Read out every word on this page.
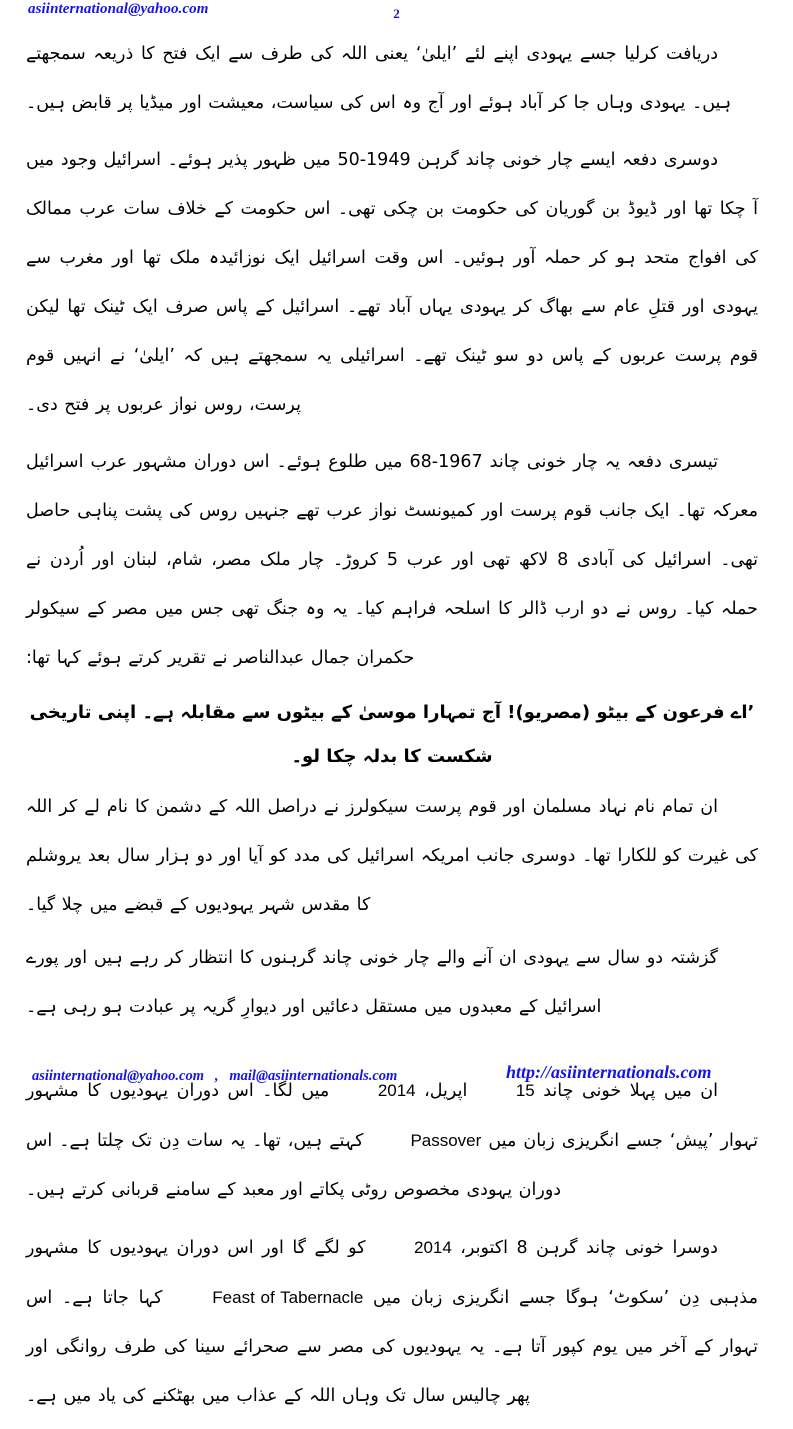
asiinternational@yahoo.com	2

دریافت کرلیا جسے یہودی اپنے لئے ’ایلیٰ‘ یعنی اللہ کی طرف سے ایک فتح کا ذریعہ سمجھتے ہیں۔ یہودی وہاں جا کر آباد ہوئے اور آج وہ اس کی سیاست، معیشت اور میڈیا پر قابض ہیں۔

دوسری دفعہ ایسے چار خونی چاند گرہن 1949-50 میں ظہور پذیر ہوئے۔ اسرائیل وجود میں آ چکا تھا اور ڈیوڈ بن گوریان کی حکومت بن چکی تھی۔ اس حکومت کے خلاف سات عرب ممالک کی افواج متحد ہو کر حملہ آور ہوئیں۔ اس وقت اسرائیل ایک نوزائیدہ ملک تھا اور مغرب سے یہودی اور قتلِ عام سے بھاگ کر یہودی یہاں آباد تھے۔ اسرائیل کے پاس صرف ایک ٹینک تھا لیکن قوم پرست عربوں کے پاس دو سو ٹینک تھے۔ اسرائیلی یہ سمجھتے ہیں کہ ’ایلیٰ‘ نے انہیں قوم پرست، روس نواز عربوں پر فتح دی۔

تیسری دفعہ یہ چار خونی چاند 1967-68 میں طلوع ہوئے۔ اس دوران مشہور عرب اسرائیل معرکہ تھا۔ ایک جانب قوم پرست اور کمیونسٹ نواز عرب تھے جنہیں روس کی پشت پناہی حاصل تھی۔ اسرائیل کی آبادی 8 لاکھ تھی اور عرب 5 کروڑ۔ چار ملک مصر، شام، لبنان اور اُردن نے حملہ کیا۔ روس نے دو ارب ڈالر کا اسلحہ فراہم کیا۔ یہ وہ جنگ تھی جس میں مصر کے سیکولر حکمران جمال عبدالناصر نے تقریر کرتے ہوئے کہا تھا:

’اے فرعون کے بیٹو (مصریو)! آج تمہارا موسیٰ کے بیٹوں سے مقابلہ ہے۔ اپنی تاریخی شکست کا بدلہ چکا لو۔

ان تمام نام نہاد مسلمان اور قوم پرست سیکولرز نے دراصل اللہ کے دشمن کا نام لے کر اللہ کی غیرت کو للکارا تھا۔ دوسری جانب امریکہ اسرائیل کی مدد کو آیا اور دو ہزار سال بعد یروشلم کا مقدس شہر یہودیوں کے قبضے میں چلا گیا۔

گزشتہ دو سال سے یہودی ان آنے والے چار خونی چاند گرہنوں کا انتظار کر رہے ہیں اور پورے اسرائیل کے معبدوں میں مستقل دعائیں اور دیوارِ گریہ پر عبادت ہو رہی ہے۔

ان میں پہلا خونی چاند 15 اپریل، 2014 میں لگا۔ اس دوران یہودیوں کا مشہور تہوار ’پیش‘ جسے انگریزی زبان میں Passover کہتے ہیں، تھا۔ یہ سات دِن تک چلتا ہے۔ اس دوران یہودی مخصوص روٹی پکاتے اور معبد کے سامنے قربانی کرتے ہیں۔

دوسرا خونی چاند گرہن 8 اکتوبر، 2014 کو لگے گا اور اس دوران یہودیوں کا مشہور مذہبی دِن ’سکوٹ‘ ہوگا جسے انگریزی زبان میں Feast of Tabernacle کہا جاتا ہے۔ اس تہوار کے آخر میں یوم کپور آتا ہے۔ یہ یہودیوں کی مصر سے صحرائے سینا کی طرف روانگی اور پھر چالیس سال تک وہاں اللہ کے عذاب میں بھٹکنے کی یاد میں ہے۔

asiinternational@yahoo.com   ,   mail@asiinternationals.com	http://asiinternationals.com
